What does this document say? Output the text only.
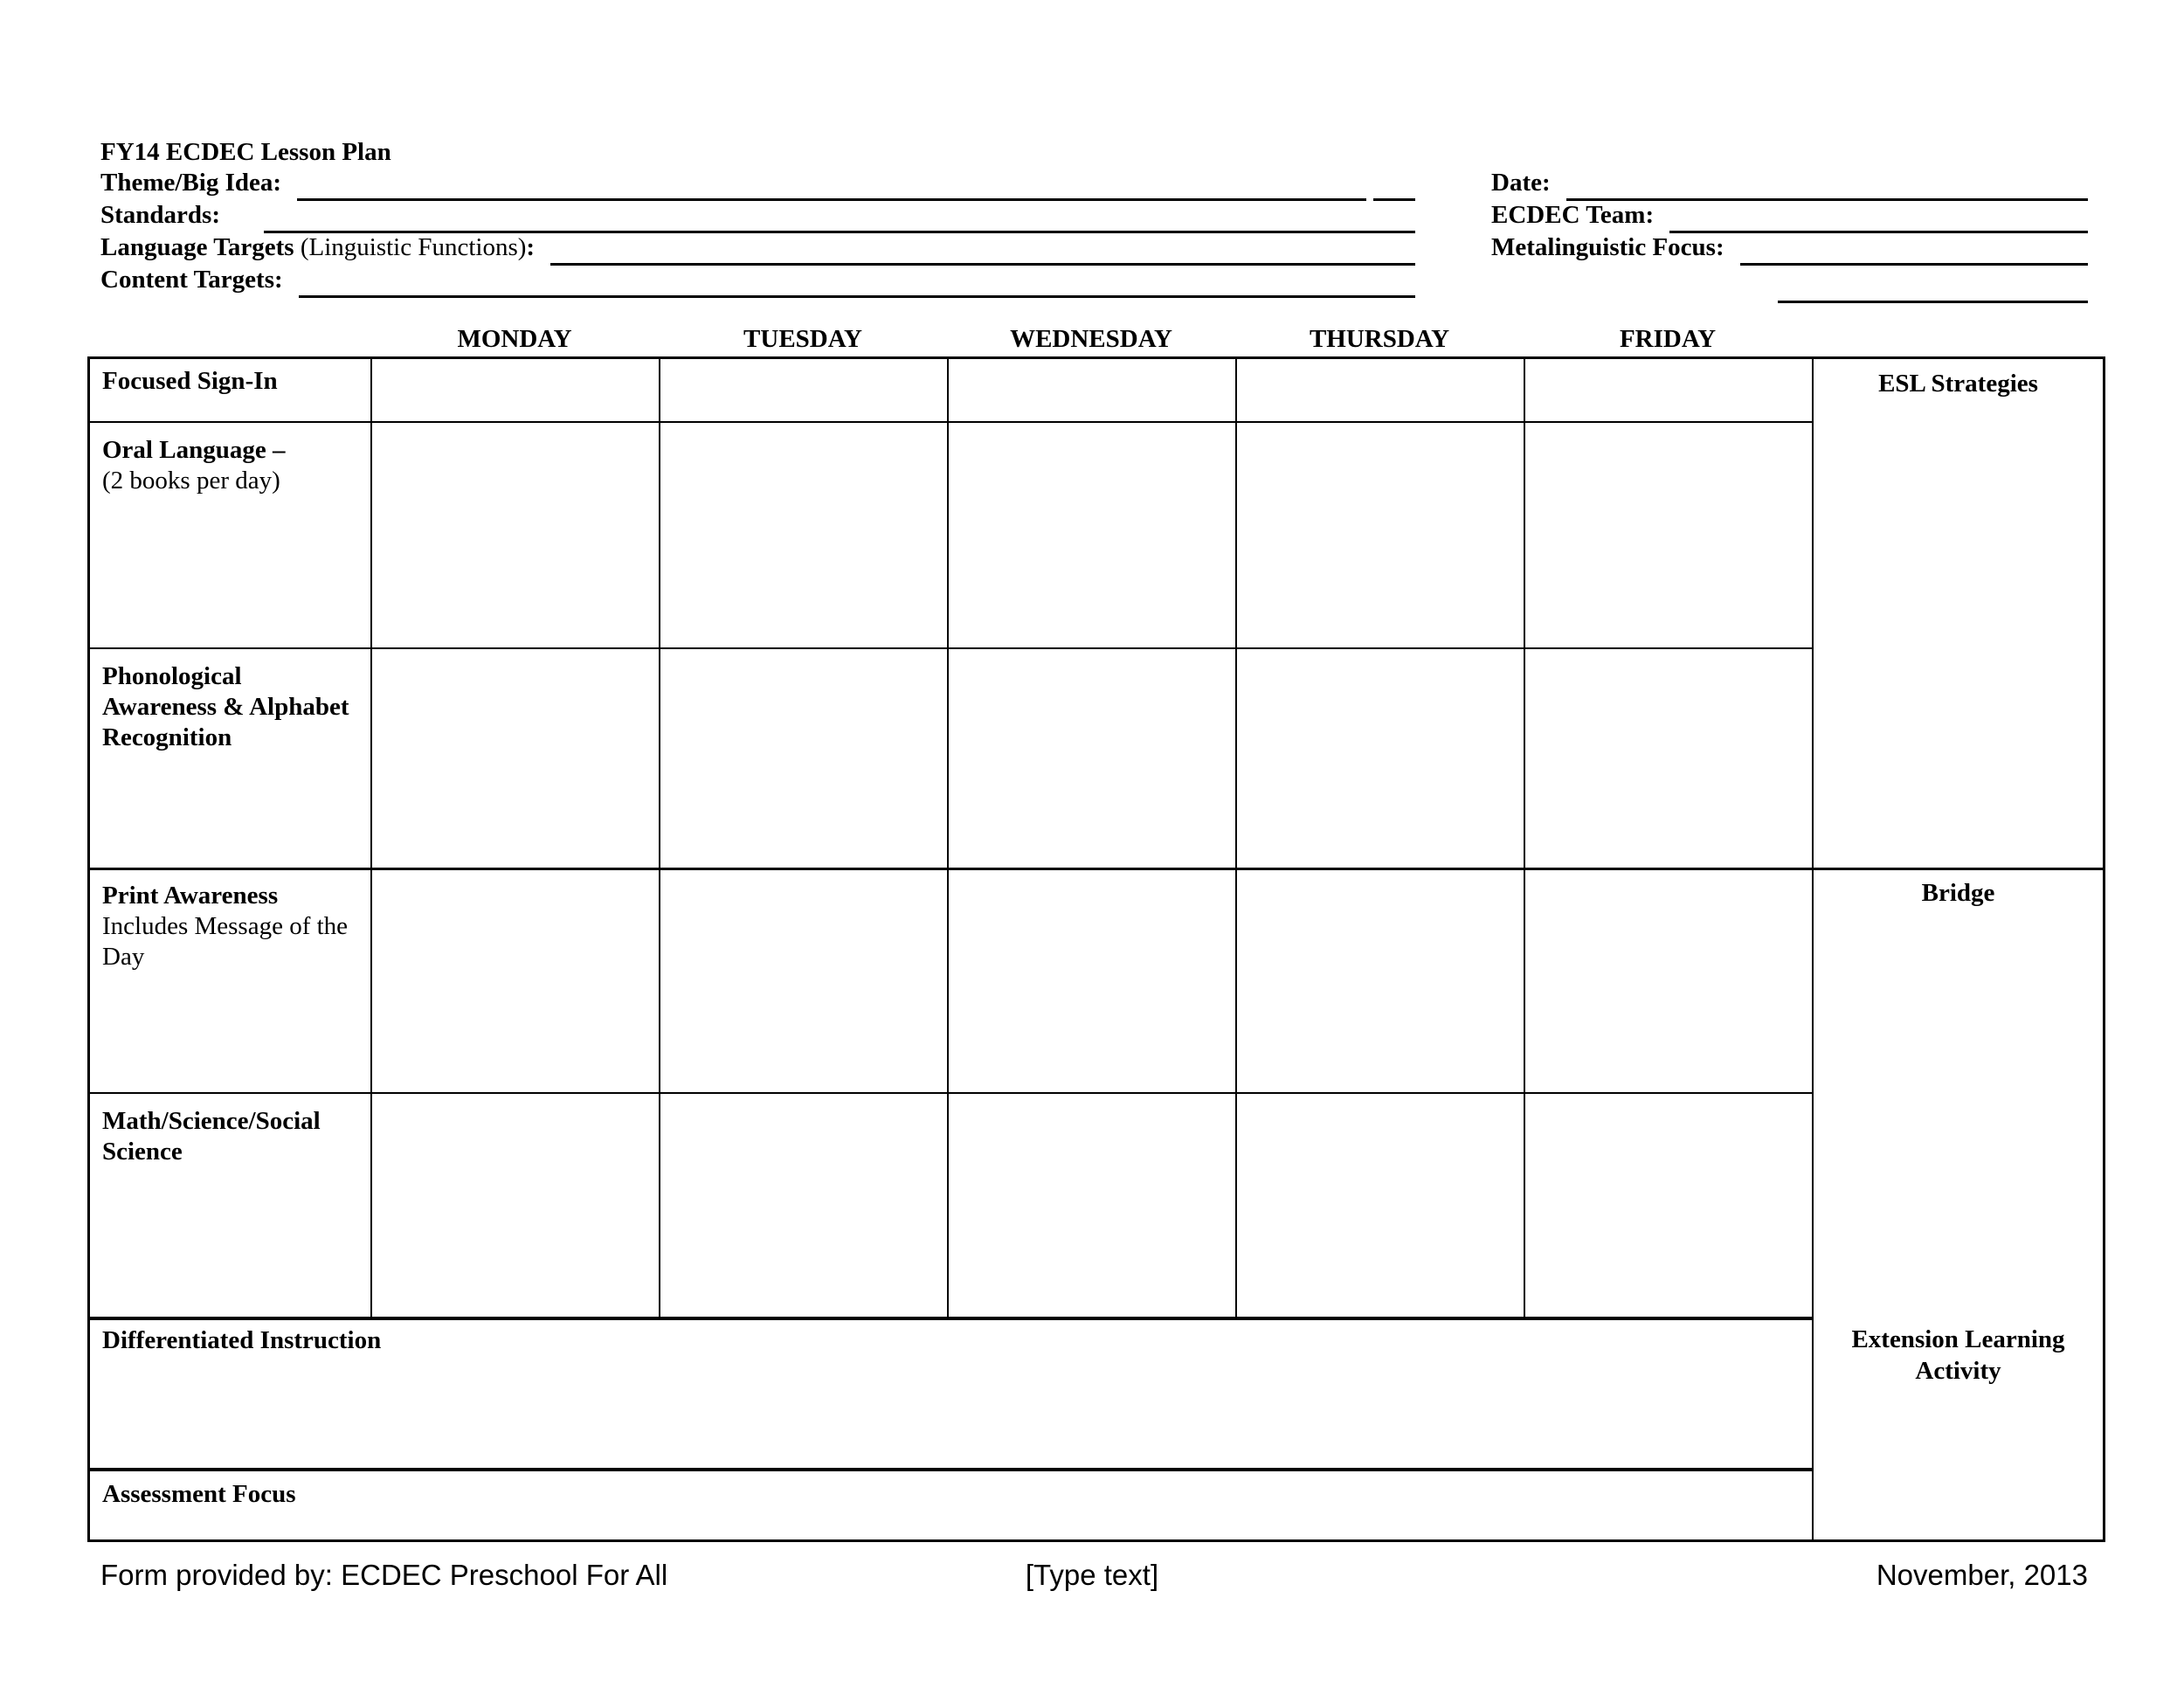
FY14 ECDEC Lesson Plan
Theme/Big Idea:
Standards:
Language Targets (Linguistic Functions):
Content Targets:
Date:
ECDEC Team:
Metalinguistic Focus:
MONDAY	TUESDAY	WEDNESDAY	THURSDAY	FRIDAY
Focused Sign-In
Oral Language –
(2 books per day)
Phonological Awareness & Alphabet Recognition
Print Awareness
Includes Message of the Day
Math/Science/Social Science
Differentiated Instruction
Assessment Focus
ESL Strategies
Bridge
Extension Learning Activity
Form provided by: ECDEC Preschool For All	[Type text]	November, 2013
